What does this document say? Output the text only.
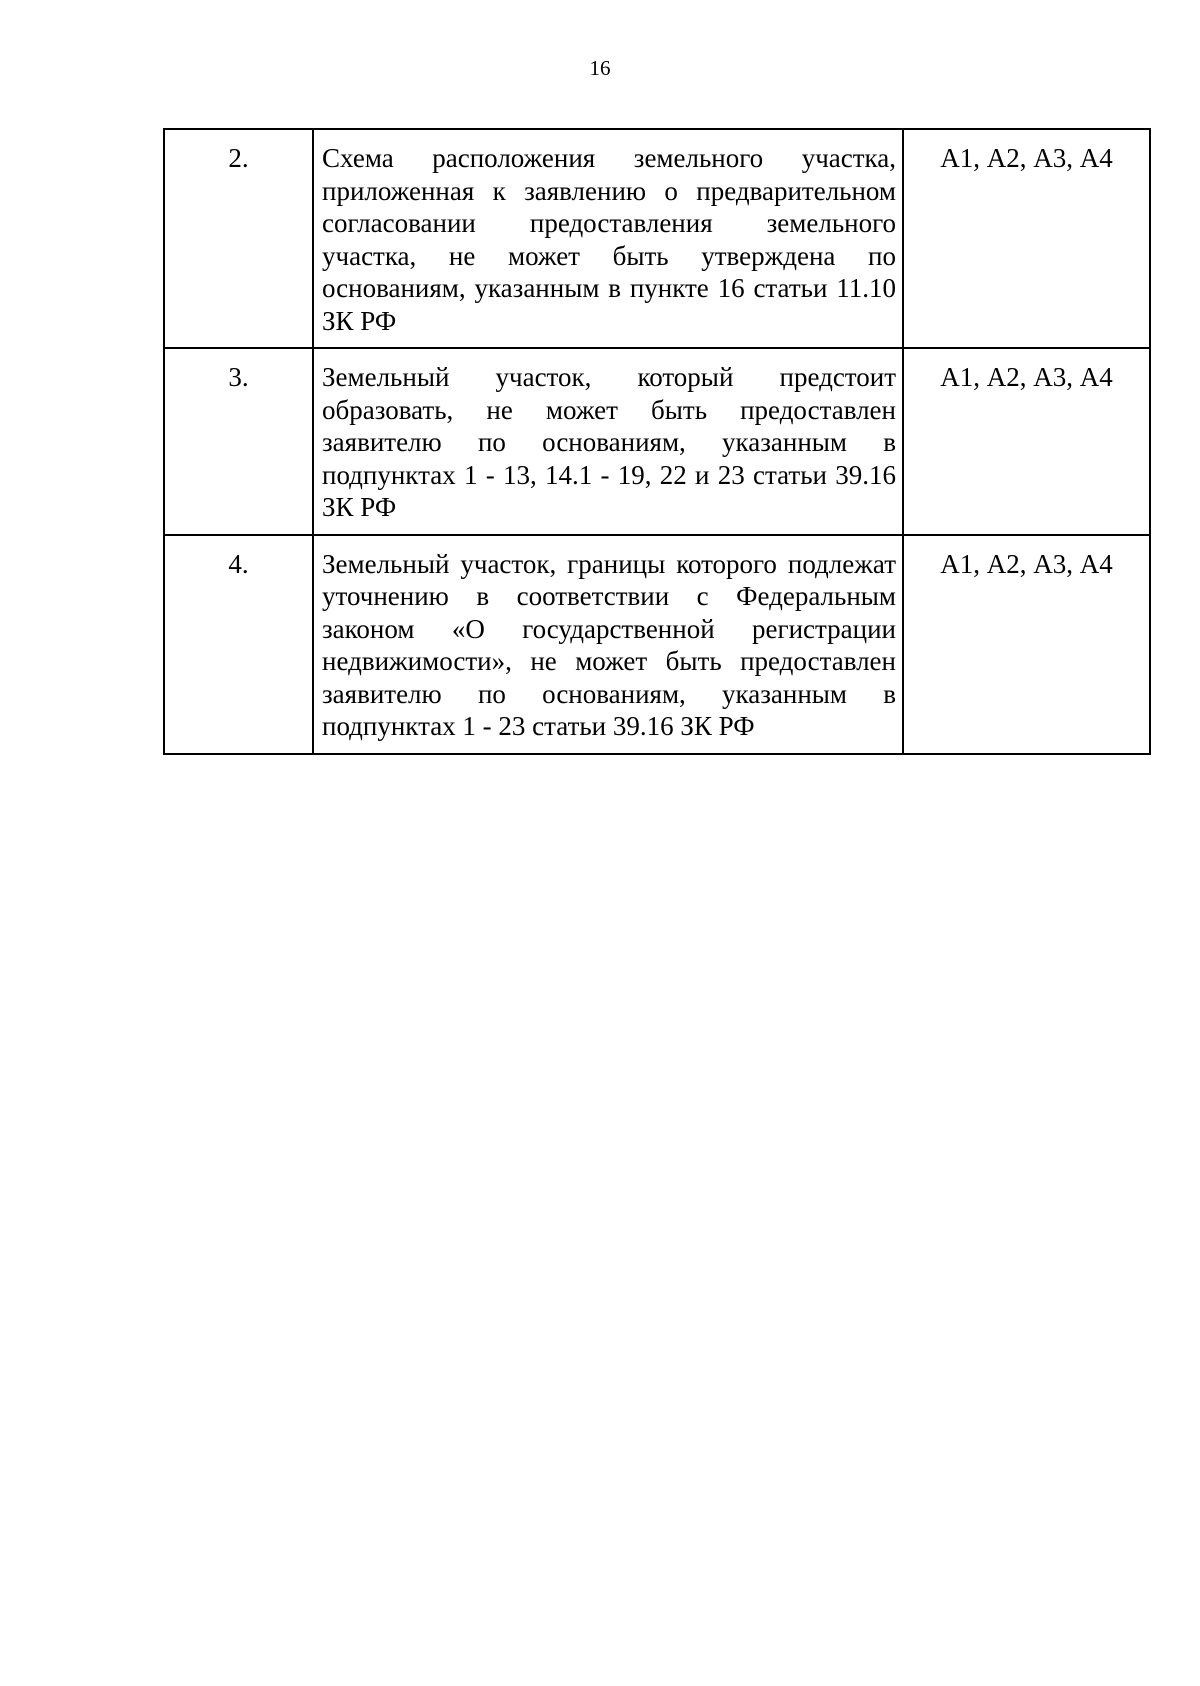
16
2.	Схема расположения земельного участка, приложенная к заявлению о предварительном согласовании предоставления земельного участка, не может быть утверждена по основаниям, указанным в пункте 16 статьи 11.10 ЗК РФ	А1, А2, А3, А4

3.	Земельный участок, который предстоит образовать, не может быть предоставлен заявителю по основаниям, указанным в подпунктах 1 - 13, 14.1 - 19, 22 и 23 статьи 39.16 ЗК РФ	А1, А2, А3, А4

4.	Земельный участок, границы которого подлежат уточнению в соответствии с Федеральным законом «О государственной регистрации недвижимости», не может быть предоставлен заявителю по основаниям, указанным в подпунктах 1 - 23 статьи 39.16 ЗК РФ	А1, А2, А3, А4
